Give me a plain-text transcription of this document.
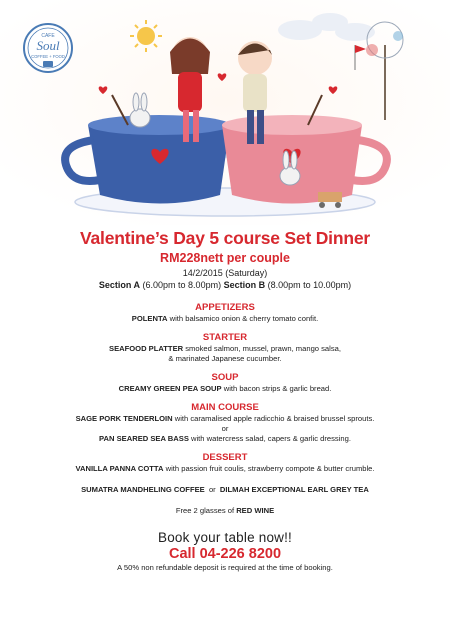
CAFE
Soul
COFFEE + FOOD
Valentine’s Day 5 course Set Dinner
RM228nett per couple
14/2/2015 (Saturday)
Section A (6.00pm to 8.00pm) Section B (8.00pm to 10.00pm)
APPETIZERS
POLENTA with balsamico onion & cherry tomato confit.
STARTER
SEAFOOD PLATTER smoked salmon, mussel, prawn, mango salsa,
& marinated Japanese cucumber.
SOUP
CREAMY GREEN PEA SOUP with bacon strips & garlic bread.
MAIN COURSE
SAGE PORK TENDERLOIN with caramalised apple radicchio & braised brussel sprouts.
or
PAN SEARED SEA BASS with watercress salad, capers & garlic dressing.
DESSERT
VANILLA PANNA COTTA with passion fruit coulis, strawberry compote & butter crumble.
SUMATRA MANDHELING COFFEE  or  DILMAH EXCEPTIONAL EARL GREY TEA
Free 2 glasses of RED WINE
Book your table now!!
Call 04-226 8200
A 50% non refundable deposit is required at the time of booking.
